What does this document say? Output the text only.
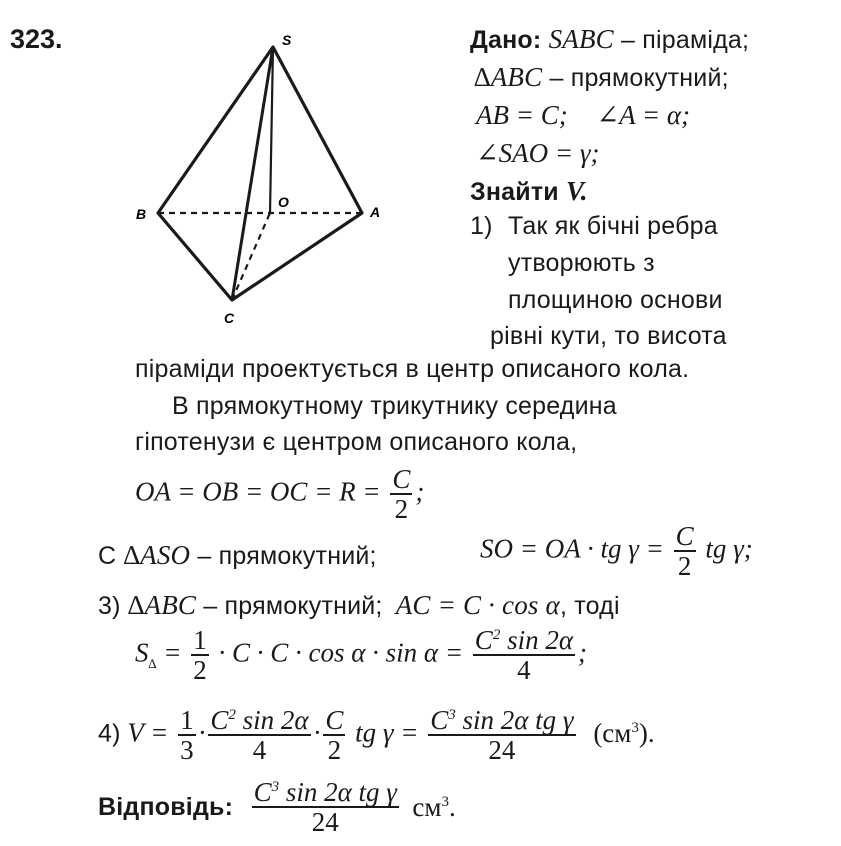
323.	S
B
O
A
C
Дано: SABC – піраміда;
∆ABC – прямокутний;
AB = C; ∠A = α;
∠SAO = γ;
Знайти V.
1) Так як бічні ребра
утворюють з
площиною основи
рівні кути, то висота
піраміди проектується в центр описаного кола.
В прямокутному трикутнику середина
гіпотенузи є центром описаного кола,
OA = OB = OC = $R = \frac{C}{2}$ ;
C ∆ASO – прямокутний;	SO = OA · tg $\gamma = \frac{C}{2}$ tg γ;
3) ∆ABC – прямокутний; AC = C · cos α, тоді
$S_\Delta = \frac{1}{2} \cdot C \cdot C \cdot \cos \alpha \cdot \sin \alpha = \frac{C^2 \sin 2\alpha}{4}$ ;
4) $V = \frac{1}{3} \cdot \frac{C^2 \sin 2\alpha}{4} \cdot \frac{C}{2}$ tg $\gamma = \frac{C^3 \sin 2\alpha tg \gamma}{24} (см^3)$.
Відповідь: $\frac{C^3 \sin 2\alpha tg \gamma}{24} см^3$.
